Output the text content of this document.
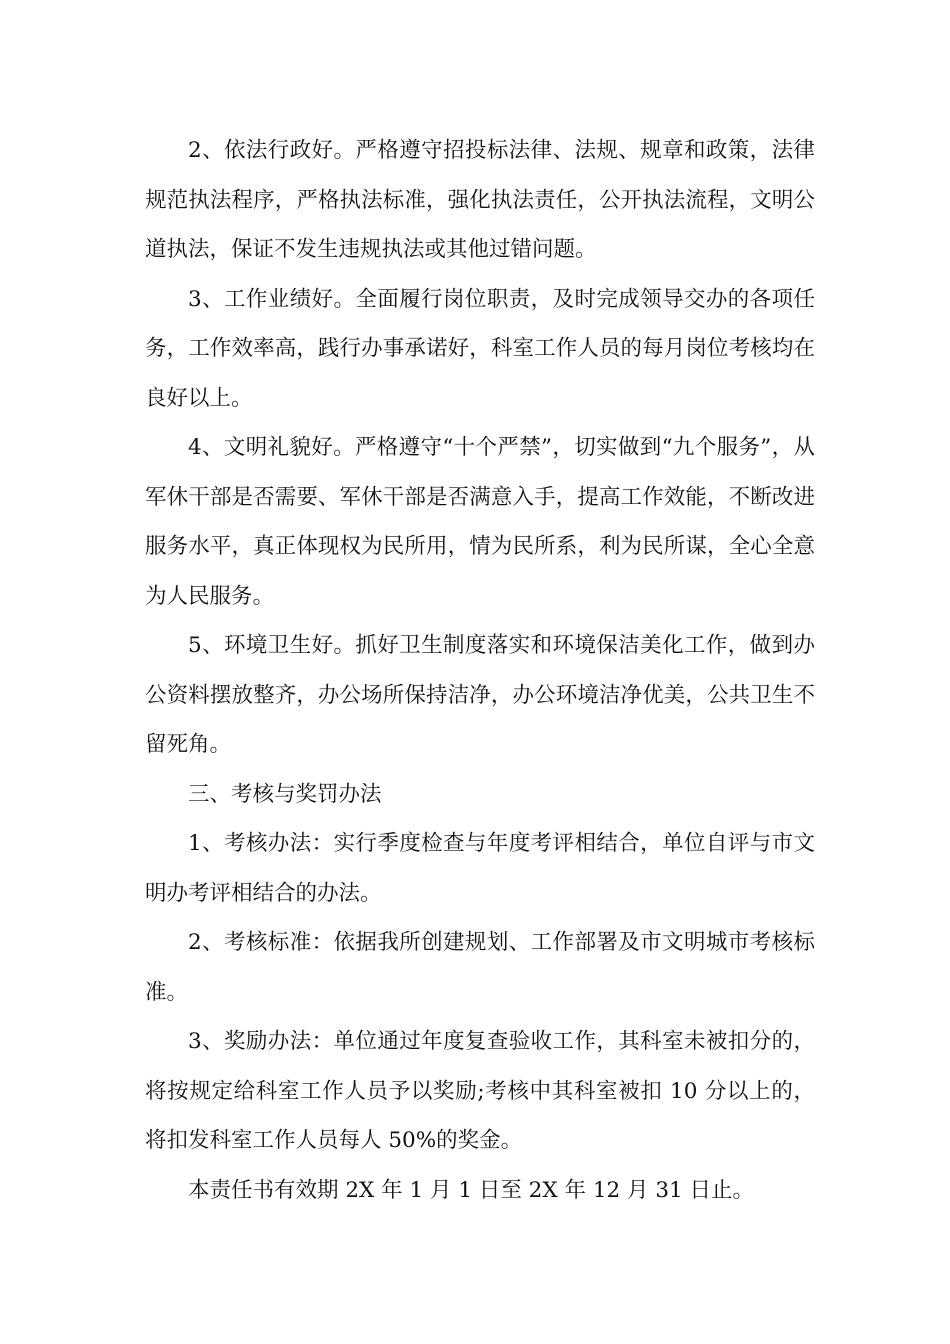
2、依法行政好。严格遵守招投标法律、法规、规章和政策，法律规范执法程序，严格执法标准，强化执法责任，公开执法流程，文明公道执法，保证不发生违规执法或其他过错问题。

3、工作业绩好。全面履行岗位职责，及时完成领导交办的各项任务，工作效率高，践行办事承诺好，科室工作人员的每月岗位考核均在良好以上。

4、文明礼貌好。严格遵守“十个严禁”，切实做到“九个服务”，从军休干部是否需要、军休干部是否满意入手，提高工作效能，不断改进服务水平，真正体现权为民所用，情为民所系，利为民所谋，全心全意为人民服务。

5、环境卫生好。抓好卫生制度落实和环境保洁美化工作，做到办公资料摆放整齐，办公场所保持洁净，办公环境洁净优美，公共卫生不留死角。

三、考核与奖罚办法

1、考核办法：实行季度检查与年度考评相结合，单位自评与市文明办考评相结合的办法。

2、考核标准：依据我所创建规划、工作部署及市文明城市考核标准。

3、奖励办法：单位通过年度复查验收工作，其科室未被扣分的，将按规定给科室工作人员予以奖励;考核中其科室被扣 10 分以上的，将扣发科室工作人员每人 50%的奖金。

本责任书有效期 2X 年 1 月 1 日至 2X 年 12 月 31 日止。
